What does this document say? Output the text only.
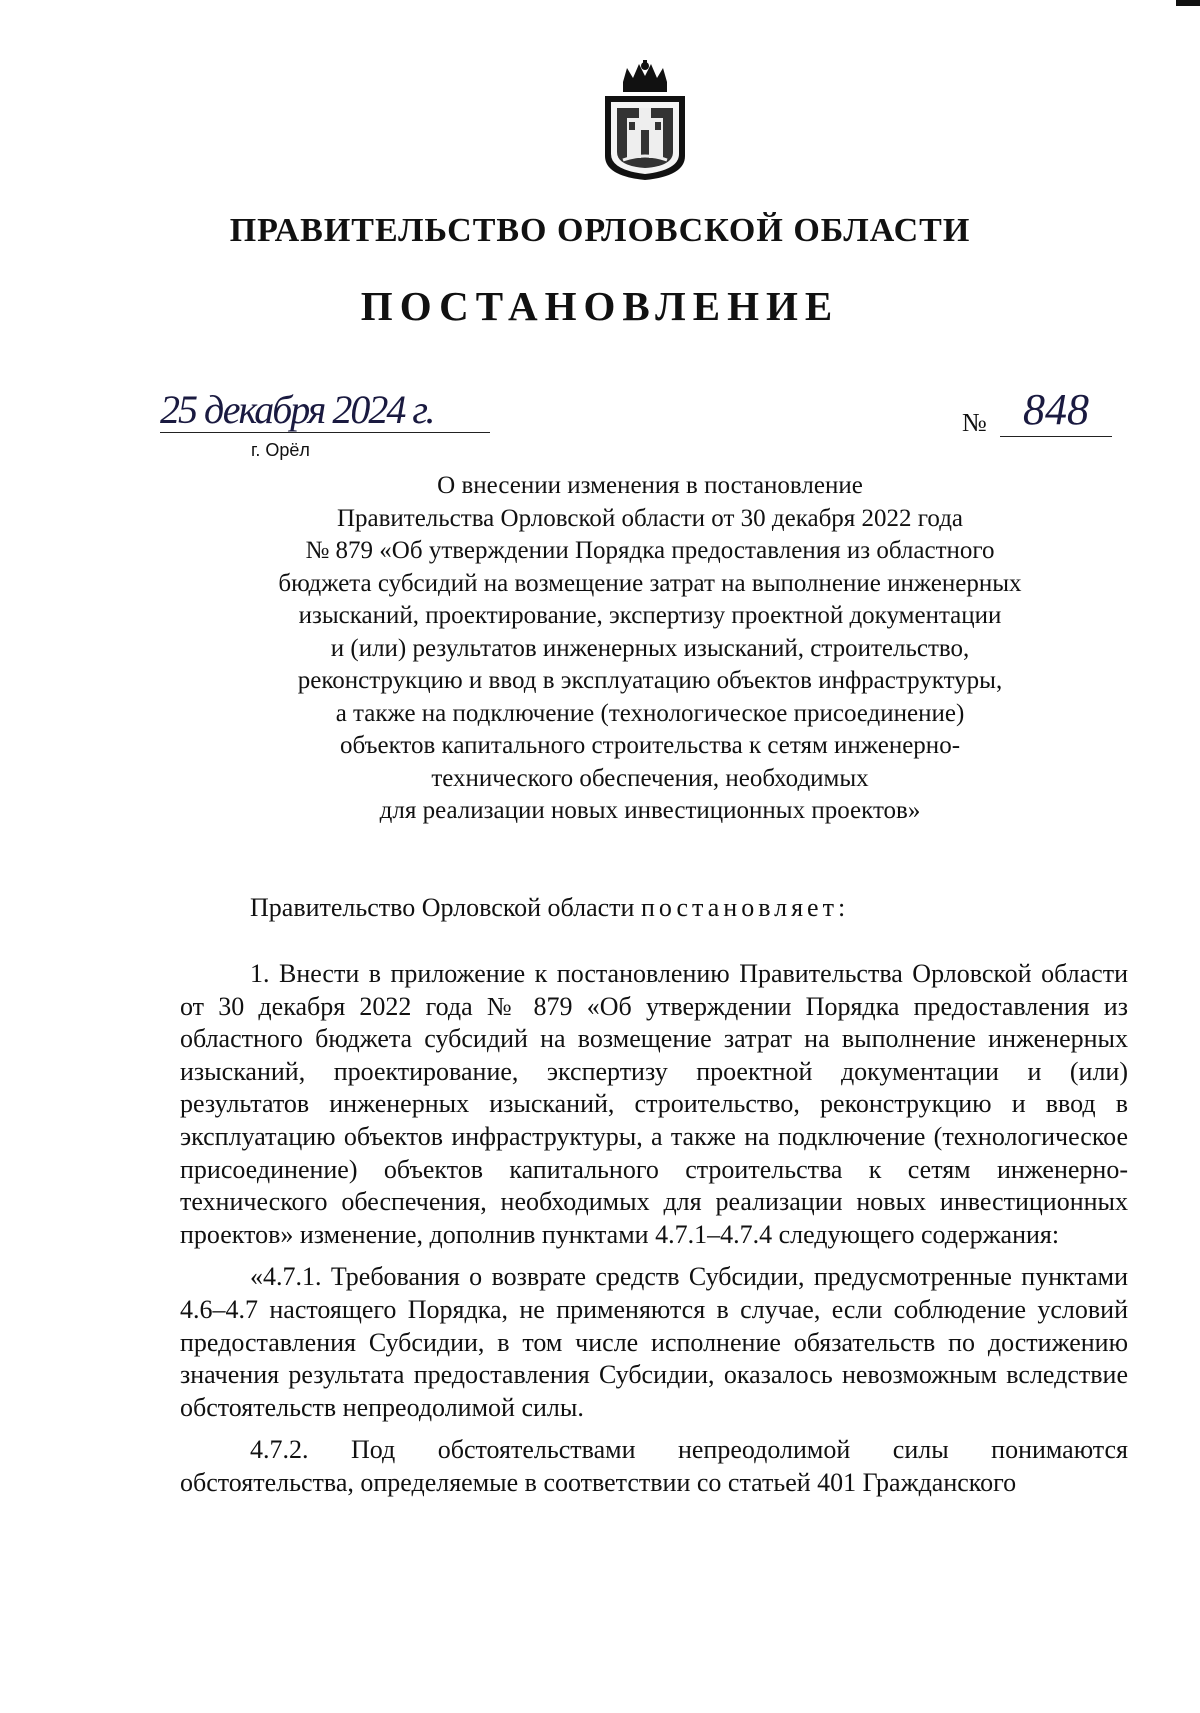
ПРАВИТЕЛЬСТВО ОРЛОВСКОЙ ОБЛАСТИ
ПОСТАНОВЛЕНИЕ
25 декабря 2024 г.
г. Орёл
№ 848
О внесении изменения в постановление
Правительства Орловской области от 30 декабря 2022 года
№ 879 «Об утверждении Порядка предоставления из областного
бюджета субсидий на возмещение затрат на выполнение инженерных
изысканий, проектирование, экспертизу проектной документации
и (или) результатов инженерных изысканий, строительство,
реконструкцию и ввод в эксплуатацию объектов инфраструктуры,
а также на подключение (технологическое присоединение)
объектов капитального строительства к сетям инженерно-
технического обеспечения, необходимых
для реализации новых инвестиционных проектов»
Правительство Орловской области постановляет:

1. Внести в приложение к постановлению Правительства Орловской области от 30 декабря 2022 года № 879 «Об утверждении Порядка предоставления из областного бюджета субсидий на возмещение затрат на выполнение инженерных изысканий, проектирование, экспертизу проектной документации и (или) результатов инженерных изысканий, строительство, реконструкцию и ввод в эксплуатацию объектов инфраструктуры, а также на подключение (технологическое присоединение) объектов капитального строительства к сетям инженерно-технического обеспечения, необходимых для реализации новых инвестиционных проектов» изменение, дополнив пунктами 4.7.1–4.7.4 следующего содержания:

«4.7.1. Требования о возврате средств Субсидии, предусмотренные пунктами 4.6–4.7 настоящего Порядка, не применяются в случае, если соблюдение условий предоставления Субсидии, в том числе исполнение обязательств по достижению значения результата предоставления Субсидии, оказалось невозможным вследствие обстоятельств непреодолимой силы.

4.7.2. Под обстоятельствами непреодолимой силы понимаются обстоятельства, определяемые в соответствии со статьей 401 Гражданского
